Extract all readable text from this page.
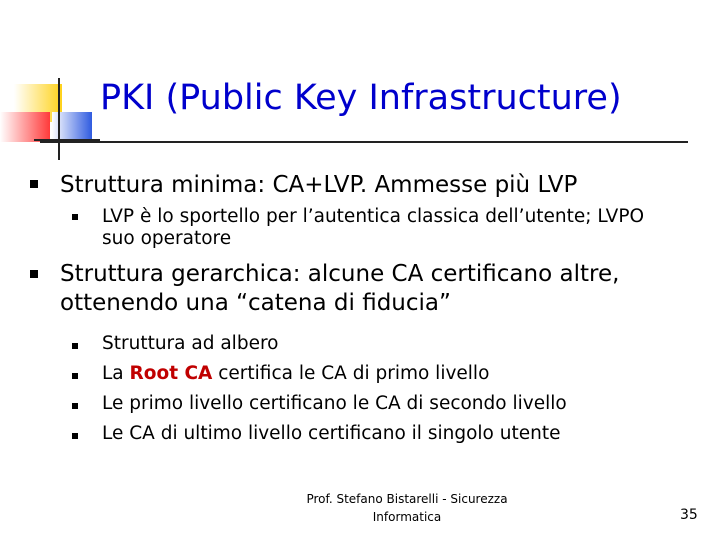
PKI (Public Key Infrastructure)
Struttura minima: CA+LVP. Ammesse più LVP
LVP è lo sportello per l’autentica classica dell’utente; LVPO
suo operatore
Struttura gerarchica: alcune CA certificano altre,
ottenendo una “catena di fiducia”
Struttura ad albero
La Root CA certifica le CA di primo livello
Le primo livello certificano le CA di secondo livello
Le CA di ultimo livello certificano il singolo utente
Prof. Stefano Bistarelli - Sicurezza
Informatica	35
